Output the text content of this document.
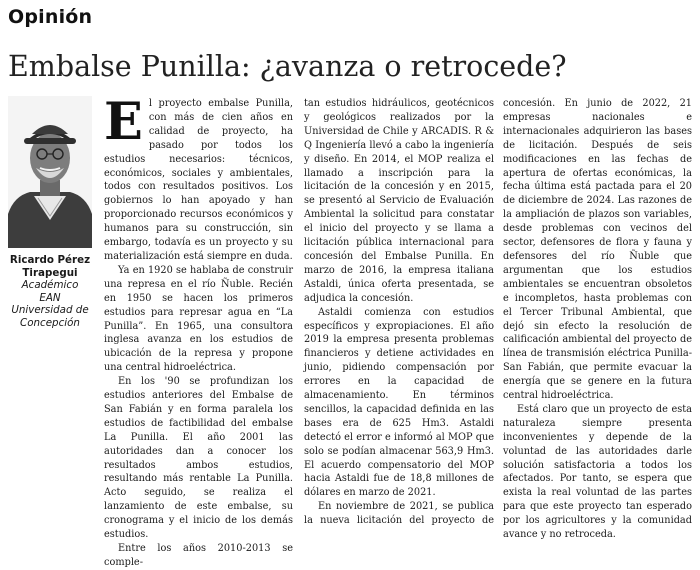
Opinión
Embalse Punilla: ¿avanza o retrocede?
Ricardo Pérez
Tirapegui
Académico
EAN
Universidad de
Concepción

El proyecto embalse Punilla, con más de cien años en calidad de proyecto, ha pasado por todos los estudios necesarios: técnicos, económicos, sociales y ambientales, todos con resultados positivos. Los gobiernos lo han apoyado y han proporcionado recursos económicos y humanos para su construcción, sin embargo, todavía es un proyecto y su materialización está siempre en duda.

Ya en 1920 se hablaba de construir una represa en el río Ñuble. Recién en 1950 se hacen los primeros estudios para represar agua en “La Punilla”. En 1965, una consultora inglesa avanza en los estudios de ubicación de la represa y propone una central hidroeléctrica.

En los '90 se profundizan los estudios anteriores del Embalse de San Fabián y en forma paralela los estudios de factibilidad del embalse La Punilla. El año 2001 las autoridades dan a conocer los resultados ambos estudios, resultando más rentable La Punilla. Acto seguido, se realiza el lanzamiento de este embalse, su cronograma y el inicio de los demás estudios.

Entre los años 2010-2013 se comple-

tan estudios hidráulicos, geotécnicos y geológicos realizados por la Universidad de Chile y ARCADIS. R & Q Ingeniería llevó a cabo la ingeniería y diseño. En 2014, el MOP realiza el llamado a inscripción para la licitación de la concesión y en 2015, se presentó al Servicio de Evaluación Ambiental la solicitud para constatar el inicio del proyecto y se llama a licitación pública internacional para concesión del Embalse Punilla. En marzo de 2016, la empresa italiana Astaldi, única oferta presentada, se adjudica la concesión.

Astaldi comienza con estudios específicos y expropiaciones. El año 2019 la empresa presenta problemas financieros y detiene actividades en junio, pidiendo compensación por errores en la capacidad de almacenamiento. En términos sencillos, la capacidad definida en las bases era de 625 Hm3. Astaldi detectó el error e informó al MOP que solo se podían almacenar 563,9 Hm3. El acuerdo compensatorio del MOP hacia Astaldi fue de 18,8 millones de dólares en marzo de 2021.

En noviembre de 2021, se publica la nueva licitación del proyecto de

concesión. En junio de 2022, 21 empresas nacionales e internacionales adquirieron las bases de licitación. Después de seis modificaciones en las fechas de apertura de ofertas económicas, la fecha última está pactada para el 20 de diciembre de 2024. Las razones de la ampliación de plazos son variables, desde problemas con vecinos del sector, defensores de flora y fauna y defensores del río Ñuble que argumentan que los estudios ambientales se encuentran obsoletos e incompletos, hasta problemas con el Tercer Tribunal Ambiental, que dejó sin efecto la resolución de calificación ambiental del proyecto de línea de transmisión eléctrica Punilla-San Fabián, que permite evacuar la energía que se genere en la futura central hidroeléctrica.

Está claro que un proyecto de esta naturaleza siempre presenta inconvenientes y depende de la voluntad de las autoridades darle solución satisfactoria a todos los afectados. Por tanto, se espera que exista la real voluntad de las partes para que este proyecto tan esperado por los agricultores y la comunidad avance y no retroceda.
